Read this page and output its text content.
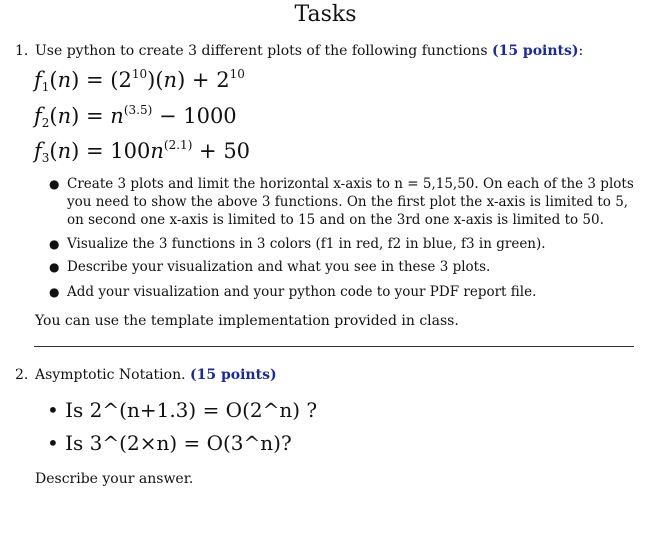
Tasks
1. Use python to create 3 different plots of the following functions (15 points):
$f_1(n) = (2^{10})(n) + 2^{10}$
$f_2(n) = n^{(3.5)} - 1000$
$f_3(n) = 100n^{(2.1)} + 50$
● Create 3 plots and limit the horizontal x-axis to n = 5,15,50. On each of the 3 plots you need to show the above 3 functions. On the first plot the x-axis is limited to 5, on second one x-axis is limited to 15 and on the 3rd one x-axis is limited to 50.
● Visualize the 3 functions in 3 colors (f1 in red, f2 in blue, f3 in green).
● Describe your visualization and what you see in these 3 plots.
● Add your visualization and your python code to your PDF report file.
You can use the template implementation provided in class.
2. Asymptotic Notation. (15 points)
• Is 2^(n+1.3) = O(2^n) ?
• Is 3^(2×n) = O(3^n)?
Describe your answer.
